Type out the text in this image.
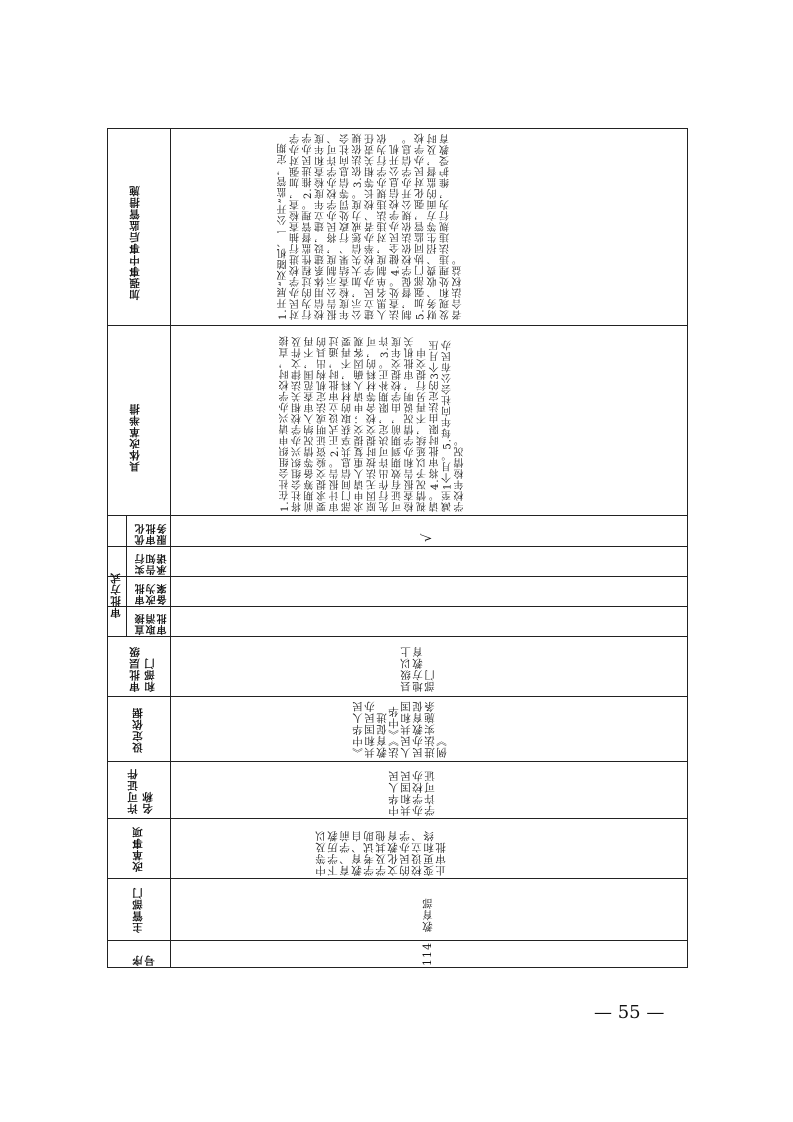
加强事中事后监管措施
具体改革举措
审批方式
优化审批服务
实行告知承诺
审批改为备案
直接取消审批
审批层级和部门
设定依据
许可证件名称
改革事项
主管部门
序号
1.开展“双随机、一公开”监管，定期对民办学校进行抽查检查，加强对办学行为的过程性监督管理。2.推进民办学校信用体系建设，建立年度检查和年度报告公示制度，将民办学校办学许可、年度检查结果、行政处罚等信息向社会公示，加大失信惩戒力度。3.依法依规建立民办学校举办者、校长等相关责任人黑名单制度，对违法违规办学行为依法查处。4.健全民办学校信息公开机制，督促学校依法依规公开办学信息。5.加强部门协同监管，强化对民办学校财务、收费、招生等方面的监督，及时发现和处理违法违规行为，维护受教育者合法权益。
1.在社会组织申请兴办学校时，直接将社会组织兴办学校相关法律文件及前期筹备等情况纳入审查范围，不再要求提交验资证明或法定机构出具的审计报告。2.正式设立审批时，通过部门间信息共享获取的材料，不再要求申请人重复提交；申请人确因客观原因无法按时提交校舍等材料的，可先行作出许可决定，限期补正。3.许可证有效期到期前，由学校提交年度检查报告和办学情况说明，审批机关视情况予以延续，不再另行提交申请。4.将审批时限由法定的3个月压减至1个月。5.每年向社会公布民办学校年检情况。
√
县级以上地方教育部门
《中华人民共和国民办教育促进法》《中华人民共和国民办教育促进法实施条例》
中华人民共和国民办学校办学许可证
中等及以下学历教育、学前教育、自学考试助学及其他文化教育的民办学校设立、变更和终止审批
教育部
114
— 55 —
